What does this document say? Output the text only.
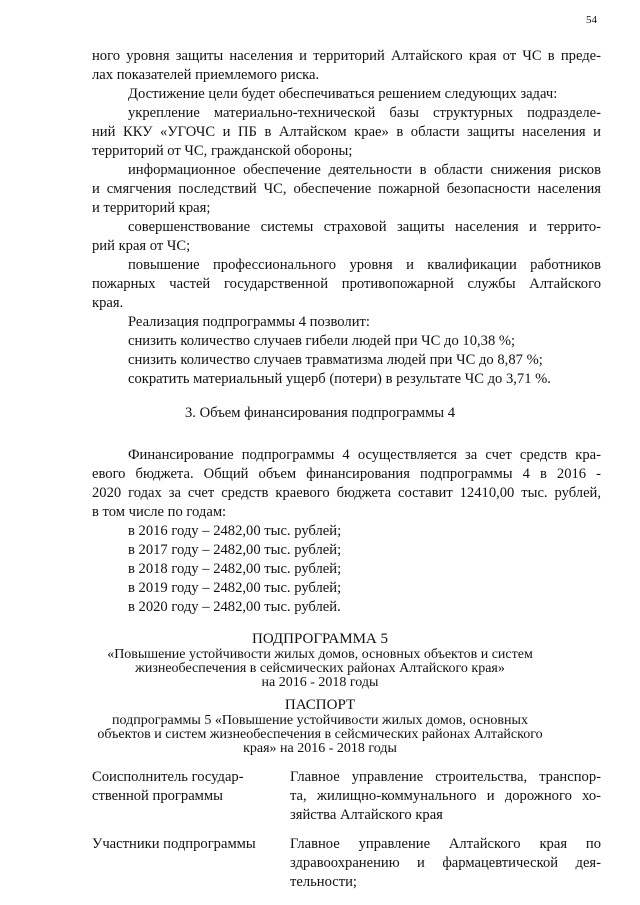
54
ного уровня защиты населения и территорий Алтайского края от ЧС в преде-
лах показателей приемлемого риска.
Достижение цели будет обеспечиваться решением следующих задач:
укрепление материально-технической базы структурных подразделе-
ний ККУ «УГОЧС и ПБ в Алтайском крае» в области защиты населения и
территорий от ЧС, гражданской обороны;
информационное обеспечение деятельности в области снижения рисков
и смягчения последствий ЧС, обеспечение пожарной безопасности населения
и территорий края;
совершенствование системы страховой защиты населения и террито-
рий края от ЧС;
повышение профессионального уровня и квалификации работников
пожарных частей государственной противопожарной службы Алтайского
края.
Реализация подпрограммы 4 позволит:
снизить количество случаев гибели людей при ЧС до 10,38 %;
снизить количество случаев травматизма людей при ЧС до 8,87 %;
сократить материальный ущерб (потери) в результате ЧС до 3,71 %.
3. Объем финансирования подпрограммы 4
Финансирование подпрограммы 4 осуществляется за счет средств кра-
евого бюджета. Общий объем финансирования подпрограммы 4 в 2016 -
2020 годах за счет средств краевого бюджета составит 12410,00 тыс. рублей,
в том числе по годам:
в 2016 году – 2482,00 тыс. рублей;
в 2017 году – 2482,00 тыс. рублей;
в 2018 году – 2482,00 тыс. рублей;
в 2019 году – 2482,00 тыс. рублей;
в 2020 году – 2482,00 тыс. рублей.
ПОДПРОГРАММА 5
«Повышение устойчивости жилых домов, основных объектов и систем
жизнеобеспечения в сейсмических районах Алтайского края»
на 2016 - 2018 годы
ПАСПОРТ
подпрограммы 5 «Повышение устойчивости жилых домов, основных
объектов и систем жизнеобеспечения в сейсмических районах Алтайского
края» на 2016 - 2018 годы
Соисполнитель государ-
ственной программы
Главное управление строительства, транспор-
та, жилищно-коммунального и дорожного хо-
зяйства Алтайского края
Участники подпрограммы Главное управление Алтайского края по
здравоохранению и фармацевтической дея-
тельности;
